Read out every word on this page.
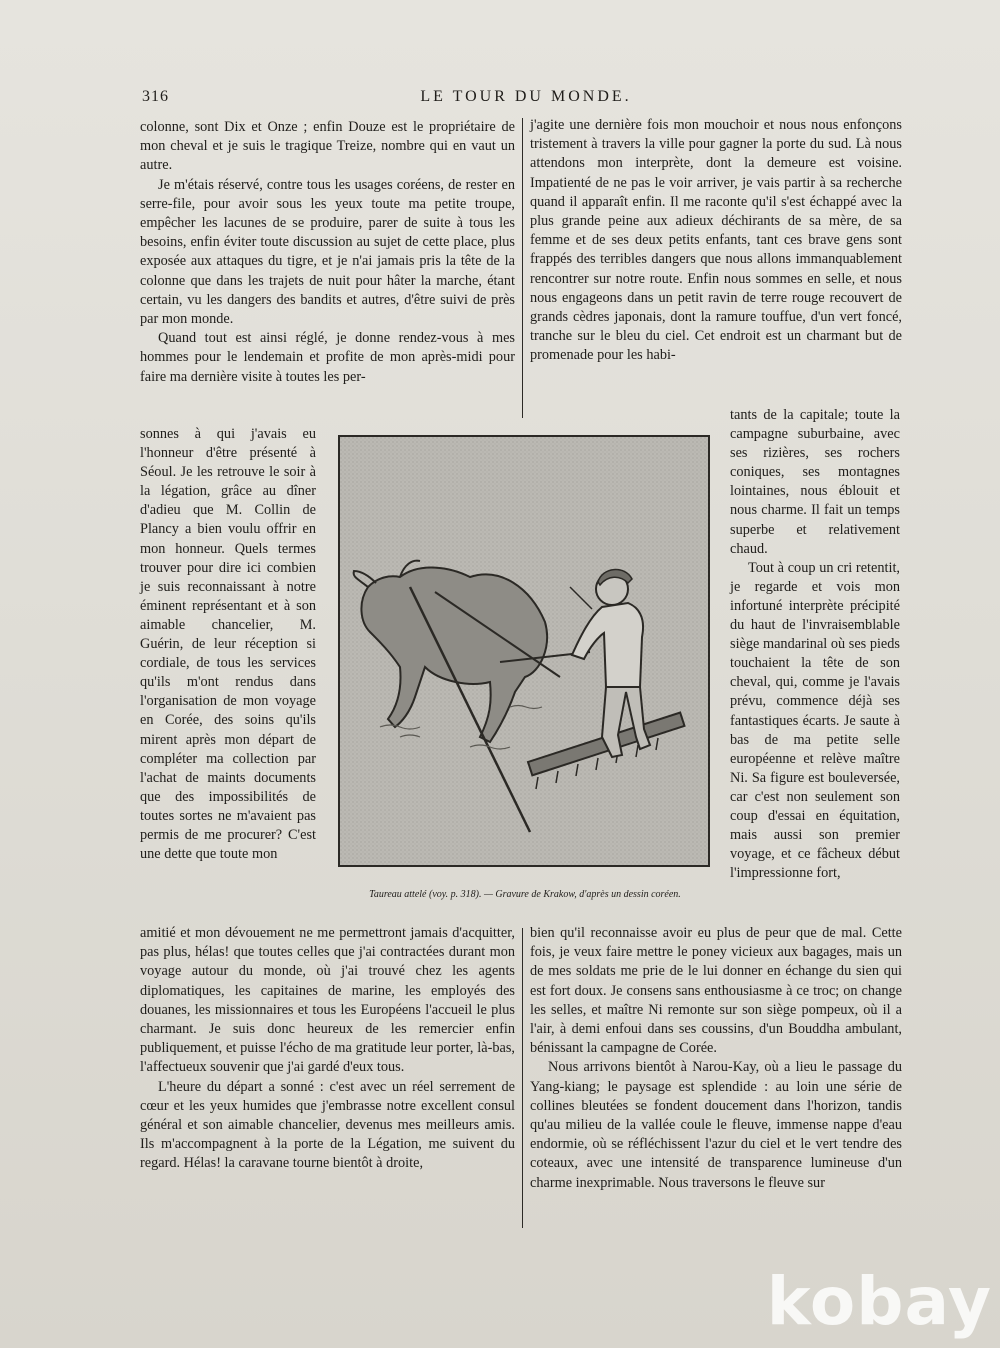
316	LE TOUR DU MONDE.

colonne, sont Dix et Onze ; enfin Douze est le propriétaire de mon cheval et je suis le tragique Treize, nombre qui en vaut un autre.

Je m'étais réservé, contre tous les usages coréens, de rester en serre-file, pour avoir sous les yeux toute ma petite troupe, empêcher les lacunes de se produire, parer de suite à tous les besoins, enfin éviter toute discussion au sujet de cette place, plus exposée aux attaques du tigre, et je n'ai jamais pris la tête de la colonne que dans les trajets de nuit pour hâter la marche, étant certain, vu les dangers des bandits et autres, d'être suivi de près par mon monde.

Quand tout est ainsi réglé, je donne rendez-vous à mes hommes pour le lendemain et profite de mon après-midi pour faire ma dernière visite à toutes les per-

sonnes à qui j'avais eu l'honneur d'être présenté à Séoul. Je les retrouve le soir à la légation, grâce au dîner d'adieu que M. Collin de Plancy a bien voulu offrir en mon honneur. Quels termes trouver pour dire ici combien je suis reconnaissant à notre éminent représentant et à son aimable chancelier, M. Guérin, de leur réception si cordiale, de tous les services qu'ils m'ont rendus dans l'organisation de mon voyage en Corée, des soins qu'ils mirent après mon départ de compléter ma collection par l'achat de maints documents que des impossibilités de toutes sortes ne m'avaient pas permis de me procurer? C'est une dette que toute mon

Taureau attelé (voy. p. 318). — Gravure de Krakow, d'après un dessin coréen.

amitié et mon dévouement ne me permettront jamais d'acquitter, pas plus, hélas! que toutes celles que j'ai contractées durant mon voyage autour du monde, où j'ai trouvé chez les agents diplomatiques, les capitaines de marine, les employés des douanes, les missionnaires et tous les Européens l'accueil le plus charmant. Je suis donc heureux de les remercier enfin publiquement, et puisse l'écho de ma gratitude leur porter, là-bas, l'affectueux souvenir que j'ai gardé d'eux tous.

L'heure du départ a sonné : c'est avec un réel serrement de cœur et les yeux humides que j'embrasse notre excellent consul général et son aimable chancelier, devenus mes meilleurs amis. Ils m'accompagnent à la porte de la Légation, me suivent du regard. Hélas! la caravane tourne bientôt à droite,

j'agite une dernière fois mon mouchoir et nous nous enfonçons tristement à travers la ville pour gagner la porte du sud. Là nous attendons mon interprète, dont la demeure est voisine. Impatienté de ne pas le voir arriver, je vais partir à sa recherche quand il apparaît enfin. Il me raconte qu'il s'est échappé avec la plus grande peine aux adieux déchirants de sa mère, de sa femme et de ses deux petits enfants, tant ces brave gens sont frappés des terribles dangers que nous allons immanquablement rencontrer sur notre route. Enfin nous sommes en selle, et nous nous engageons dans un petit ravin de terre rouge recouvert de grands cèdres japonais, dont la ramure touffue, d'un vert foncé, tranche sur le bleu du ciel. Cet endroit est un charmant but de promenade pour les habi-

tants de la capitale; toute la campagne suburbaine, avec ses rizières, ses rochers coniques, ses montagnes lointaines, nous éblouit et nous charme. Il fait un temps superbe et relativement chaud.

Tout à coup un cri retentit, je regarde et vois mon infortuné interprète précipité du haut de l'invraisemblable siège mandarinal où ses pieds touchaient la tête de son cheval, qui, comme je l'avais prévu, commence déjà ses fantastiques écarts. Je saute à bas de ma petite selle européenne et relève maître Ni. Sa figure est bouleversée, car c'est non seulement son coup d'essai en équitation, mais aussi son premier voyage, et ce fâcheux début l'impressionne fort,

bien qu'il reconnaisse avoir eu plus de peur que de mal. Cette fois, je veux faire mettre le poney vicieux aux bagages, mais un de mes soldats me prie de le lui donner en échange du sien qui est fort doux. Je consens sans enthousiasme à ce troc; on change les selles, et maître Ni remonte sur son siège pompeux, où il a l'air, à demi enfoui dans ses coussins, d'un Bouddha ambulant, bénissant la campagne de Corée.

Nous arrivons bientôt à Narou-Kay, où a lieu le passage du Yang-kiang; le paysage est splendide : au loin une série de collines bleutées se fondent doucement dans l'horizon, tandis qu'au milieu de la vallée coule le fleuve, immense nappe d'eau endormie, où se réfléchissent l'azur du ciel et le vert tendre des coteaux, avec une intensité de transparence lumineuse d'un charme inexprimable. Nous traversons le fleuve sur

kobay
